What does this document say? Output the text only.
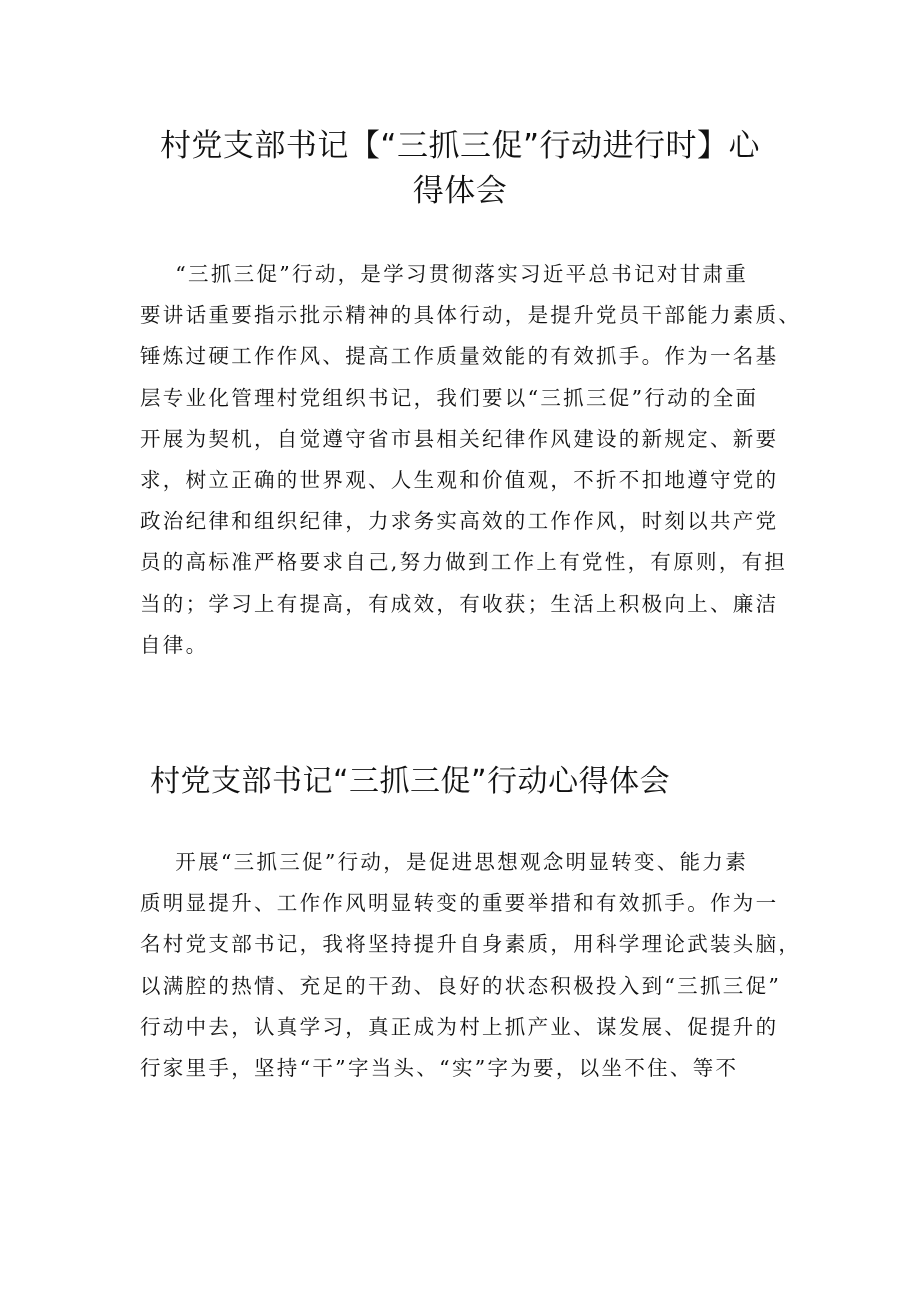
村党支部书记【“三抓三促”行动进行时】心
得体会

“三抓三促”行动，是学习贯彻落实习近平总书记对甘肃重
要讲话重要指示批示精神的具体行动，是提升党员干部能力素质、
锤炼过硬工作作风、提高工作质量效能的有效抓手。作为一名基
层专业化管理村党组织书记，我们要以“三抓三促”行动的全面
开展为契机，自觉遵守省市县相关纪律作风建设的新规定、新要
求，树立正确的世界观、人生观和价值观，不折不扣地遵守党的
政治纪律和组织纪律，力求务实高效的工作作风，时刻以共产党
员的高标准严格要求自己,努力做到工作上有党性，有原则，有担
当的；学习上有提高，有成效，有收获；生活上积极向上、廉洁
自律。

村党支部书记“三抓三促”行动心得体会

开展“三抓三促”行动，是促进思想观念明显转变、能力素
质明显提升、工作作风明显转变的重要举措和有效抓手。作为一
名村党支部书记，我将坚持提升自身素质，用科学理论武装头脑，
以满腔的热情、充足的干劲、良好的状态积极投入到“三抓三促”
行动中去，认真学习，真正成为村上抓产业、谋发展、促提升的
行家里手，坚持“干”字当头、“实”字为要，以坐不住、等不
